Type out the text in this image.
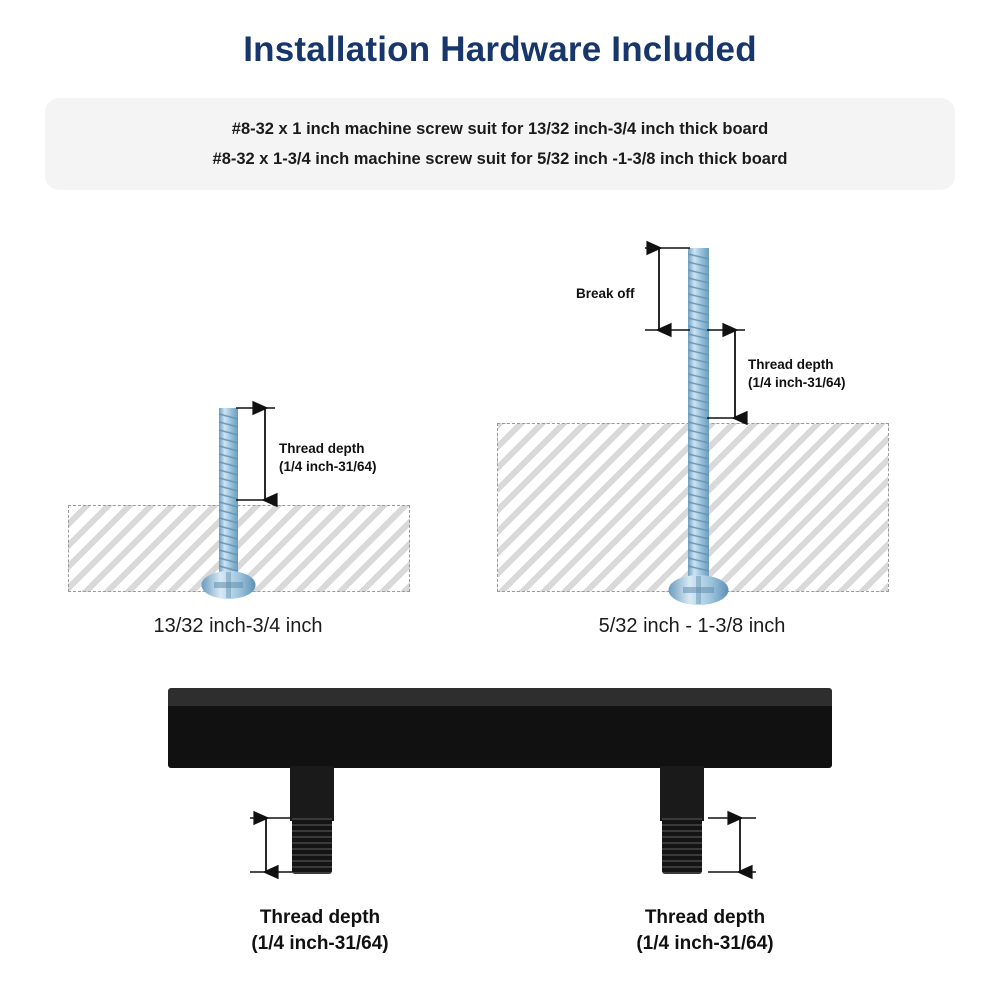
Installation Hardware Included
#8-32 x 1 inch machine screw suit for 13/32 inch-3/4 inch thick board
#8-32 x 1-3/4 inch machine screw suit for 5/32 inch -1-3/8 inch thick board
Thread depth
(1/4 inch-31/64)
13/32 inch-3/4 inch
Break off
Thread depth
(1/4 inch-31/64)
5/32 inch - 1-3/8 inch
Thread depth
(1/4 inch-31/64)
Thread depth
(1/4 inch-31/64)
